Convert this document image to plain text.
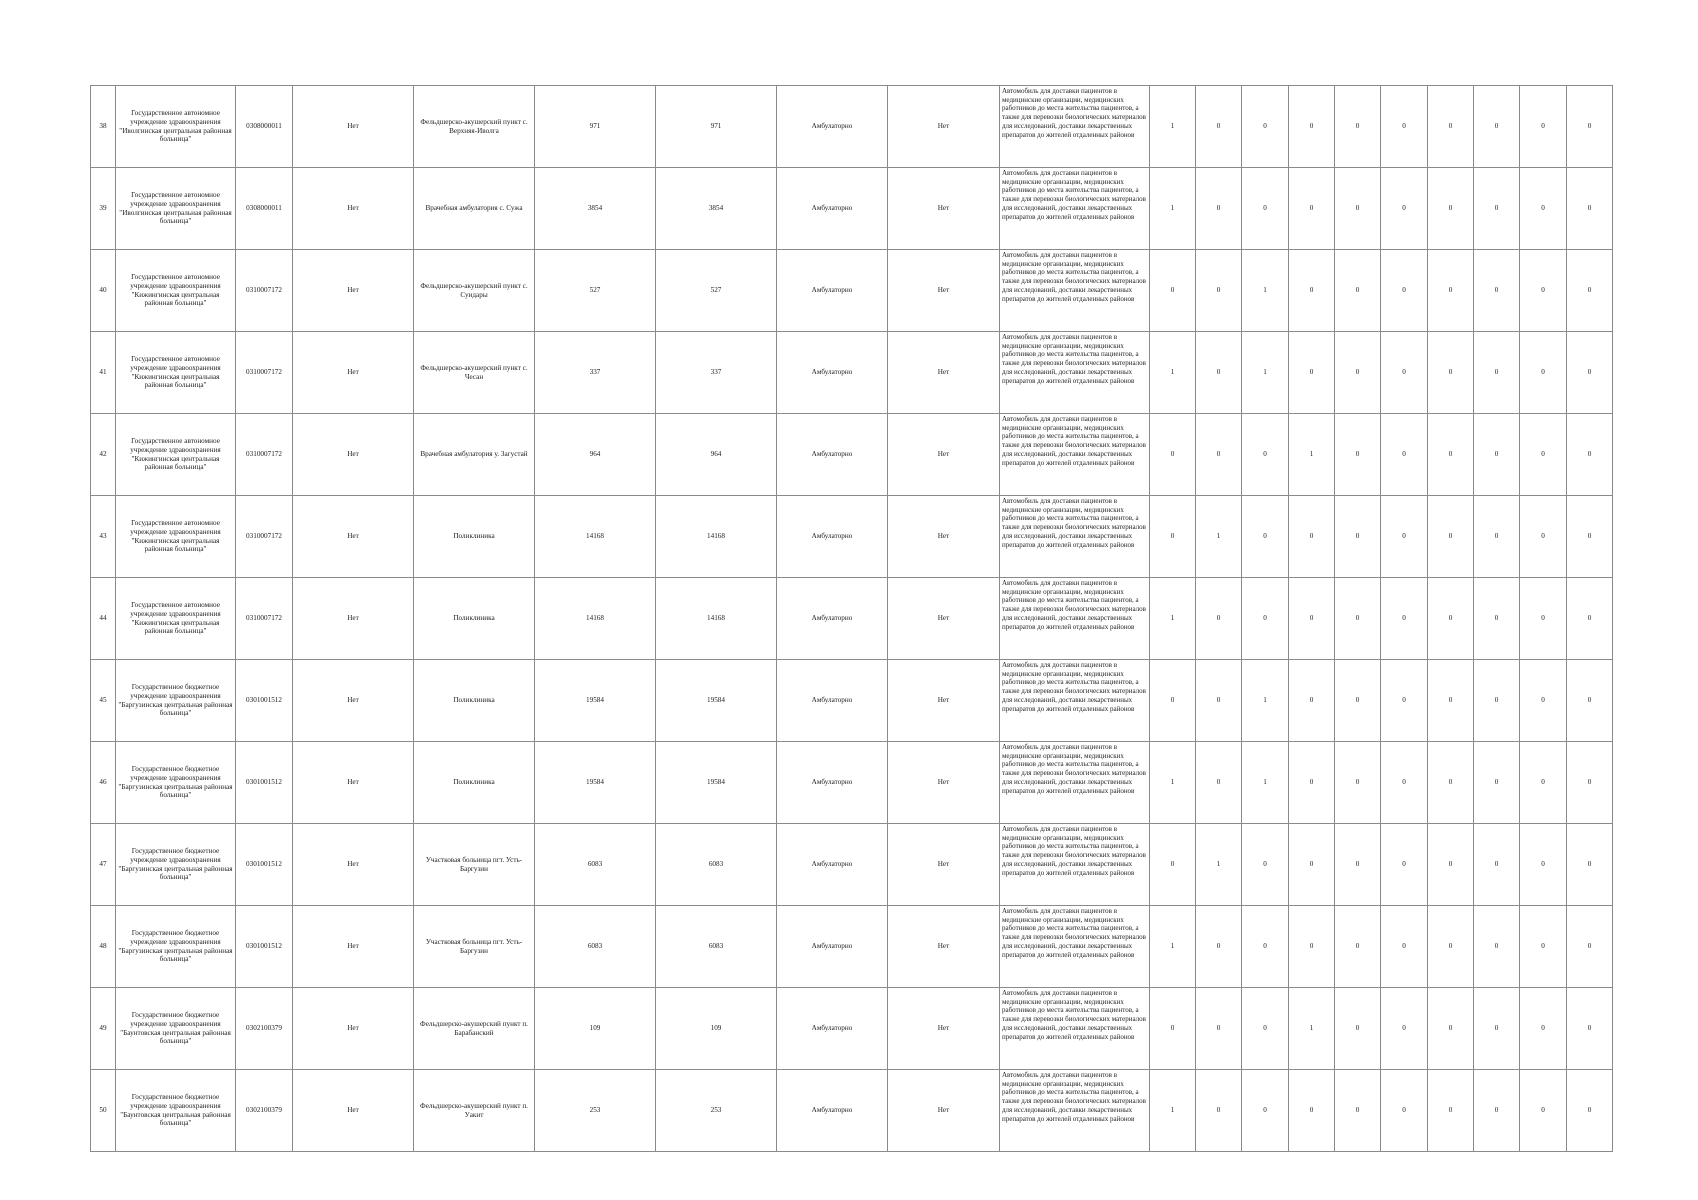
38	Государственное автономное учреждение здравоохранения "Иволгинская центральная районная больница"	0308000011	Нет	Фельдшерско-акушерский пункт с. Верхняя-Иволга	971	971	Амбулаторно	Нет	Автомобиль для доставки пациентов в медицинские организации, медицинских работников до места жительства пациентов, а также для перевозки биологических материалов для исследований, доставки лекарственных препаратов до жителей отдаленных районов	1	0	0	0	0	0	0	0	0	0
39	Государственное автономное учреждение здравоохранения "Иволгинская центральная районная больница"	0308000011	Нет	Врачебная амбулатория с. Сужа	3854	3854	Амбулаторно	Нет	Автомобиль для доставки пациентов в медицинские организации, медицинских работников до места жительства пациентов, а также для перевозки биологических материалов для исследований, доставки лекарственных препаратов до жителей отдаленных районов	1	0	0	0	0	0	0	0	0	0
40	Государственное автономное учреждение здравоохранения "Кижингинская центральная районная больница"	0310007172	Нет	Фельдшерско-акушерский пункт с. Суидары	527	527	Амбулаторно	Нет	Автомобиль для доставки пациентов в медицинские организации, медицинских работников до места жительства пациентов, а также для перевозки биологических материалов для исследований, доставки лекарственных препаратов до жителей отдаленных районов	0	0	1	0	0	0	0	0	0	0
41	Государственное автономное учреждение здравоохранения "Кижингинская центральная районная больница"	0310007172	Нет	Фельдшерско-акушерский пункт с. Чесан	337	337	Амбулаторно	Нет	Автомобиль для доставки пациентов в медицинские организации, медицинских работников до места жительства пациентов, а также для перевозки биологических материалов для исследований, доставки лекарственных препаратов до жителей отдаленных районов	1	0	1	0	0	0	0	0	0	0
42	Государственное автономное учреждение здравоохранения "Кижингинская центральная районная больница"	0310007172	Нет	Врачебная амбулатория у. Загустай	964	964	Амбулаторно	Нет	Автомобиль для доставки пациентов в медицинские организации, медицинских работников до места жительства пациентов, а также для перевозки биологических материалов для исследований, доставки лекарственных препаратов до жителей отдаленных районов	0	0	0	1	0	0	0	0	0	0
43	Государственное автономное учреждение здравоохранения "Кижингинская центральная районная больница"	0310007172	Нет	Поликлиника	14168	14168	Амбулаторно	Нет	Автомобиль для доставки пациентов в медицинские организации, медицинских работников до места жительства пациентов, а также для перевозки биологических материалов для исследований, доставки лекарственных препаратов до жителей отдаленных районов	0	1	0	0	0	0	0	0	0	0
44	Государственное автономное учреждение здравоохранения "Кижингинская центральная районная больница"	0310007172	Нет	Поликлиника	14168	14168	Амбулаторно	Нет	Автомобиль для доставки пациентов в медицинские организации, медицинских работников до места жительства пациентов, а также для перевозки биологических материалов для исследований, доставки лекарственных препаратов до жителей отдаленных районов	1	0	0	0	0	0	0	0	0	0
45	Государственное бюджетное учреждение здравоохранения "Баргузинская центральная районная больница"	0301001512	Нет	Поликлиника	19584	19584	Амбулаторно	Нет	Автомобиль для доставки пациентов в медицинские организации, медицинских работников до места жительства пациентов, а также для перевозки биологических материалов для исследований, доставки лекарственных препаратов до жителей отдаленных районов	0	0	1	0	0	0	0	0	0	0
46	Государственное бюджетное учреждение здравоохранения "Баргузинская центральная районная больница"	0301001512	Нет	Поликлиника	19584	19584	Амбулаторно	Нет	Автомобиль для доставки пациентов в медицинские организации, медицинских работников до места жительства пациентов, а также для перевозки биологических материалов для исследований, доставки лекарственных препаратов до жителей отдаленных районов	1	0	1	0	0	0	0	0	0	0
47	Государственное бюджетное учреждение здравоохранения "Баргузинская центральная районная больница"	0301001512	Нет	Участковая больница пгт. Усть-Баргузин	6083	6083	Амбулаторно	Нет	Автомобиль для доставки пациентов в медицинские организации, медицинских работников до места жительства пациентов, а также для перевозки биологических материалов для исследований, доставки лекарственных препаратов до жителей отдаленных районов	0	1	0	0	0	0	0	0	0	0
48	Государственное бюджетное учреждение здравоохранения "Баргузинская центральная районная больница"	0301001512	Нет	Участковая больница пгт. Усть-Баргузин	6083	6083	Амбулаторно	Нет	Автомобиль для доставки пациентов в медицинские организации, медицинских работников до места жительства пациентов, а также для перевозки биологических материалов для исследований, доставки лекарственных препаратов до жителей отдаленных районов	1	0	0	0	0	0	0	0	0	0
49	Государственное бюджетное учреждение здравоохранения "Баунтовская центральная районная больница"	0302100379	Нет	Фельдшерско-акушерский пункт п. Барабанский	109	109	Амбулаторно	Нет	Автомобиль для доставки пациентов в медицинские организации, медицинских работников до места жительства пациентов, а также для перевозки биологических материалов для исследований, доставки лекарственных препаратов до жителей отдаленных районов	0	0	0	1	0	0	0	0	0	0
50	Государственное бюджетное учреждение здравоохранения "Баунтовская центральная районная больница"	0302100379	Нет	Фельдшерско-акушерский пункт п. Уакит	253	253	Амбулаторно	Нет	Автомобиль для доставки пациентов в медицинские организации, медицинских работников до места жительства пациентов, а также для перевозки биологических материалов для исследований, доставки лекарственных препаратов до жителей отдаленных районов	1	0	0	0	0	0	0	0	0	0
